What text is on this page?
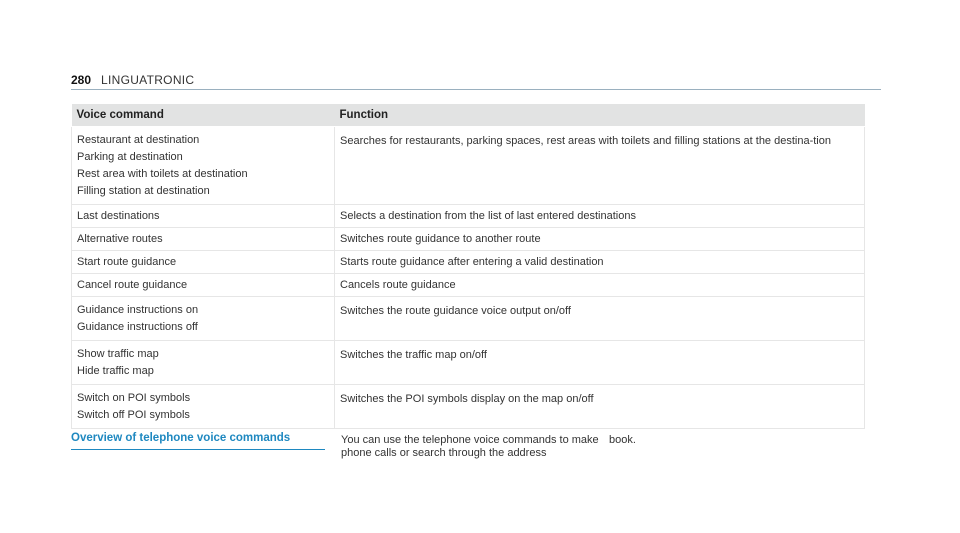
280 LINGUATRONIC
Voice command	Function

Restaurant at destination
Parking at destination
Rest area with toilets at destination
Filling station at destination	Searches for restaurants, parking spaces, rest areas with toilets and filling stations at the destina-tion

Last destinations	Selects a destination from the list of last entered destinations

Alternative routes	Switches route guidance to another route

Start route guidance	Starts route guidance after entering a valid destination

Cancel route guidance	Cancels route guidance

Guidance instructions on
Guidance instructions off	Switches the route guidance voice output on/off

Show traffic map
Hide traffic map	Switches the traffic map on/off

Switch on POI symbols
Switch off POI symbols	Switches the POI symbols display on the map on/off
Overview of telephone voice commands	You can use the telephone voice commands to make phone calls or search through the address
book.
